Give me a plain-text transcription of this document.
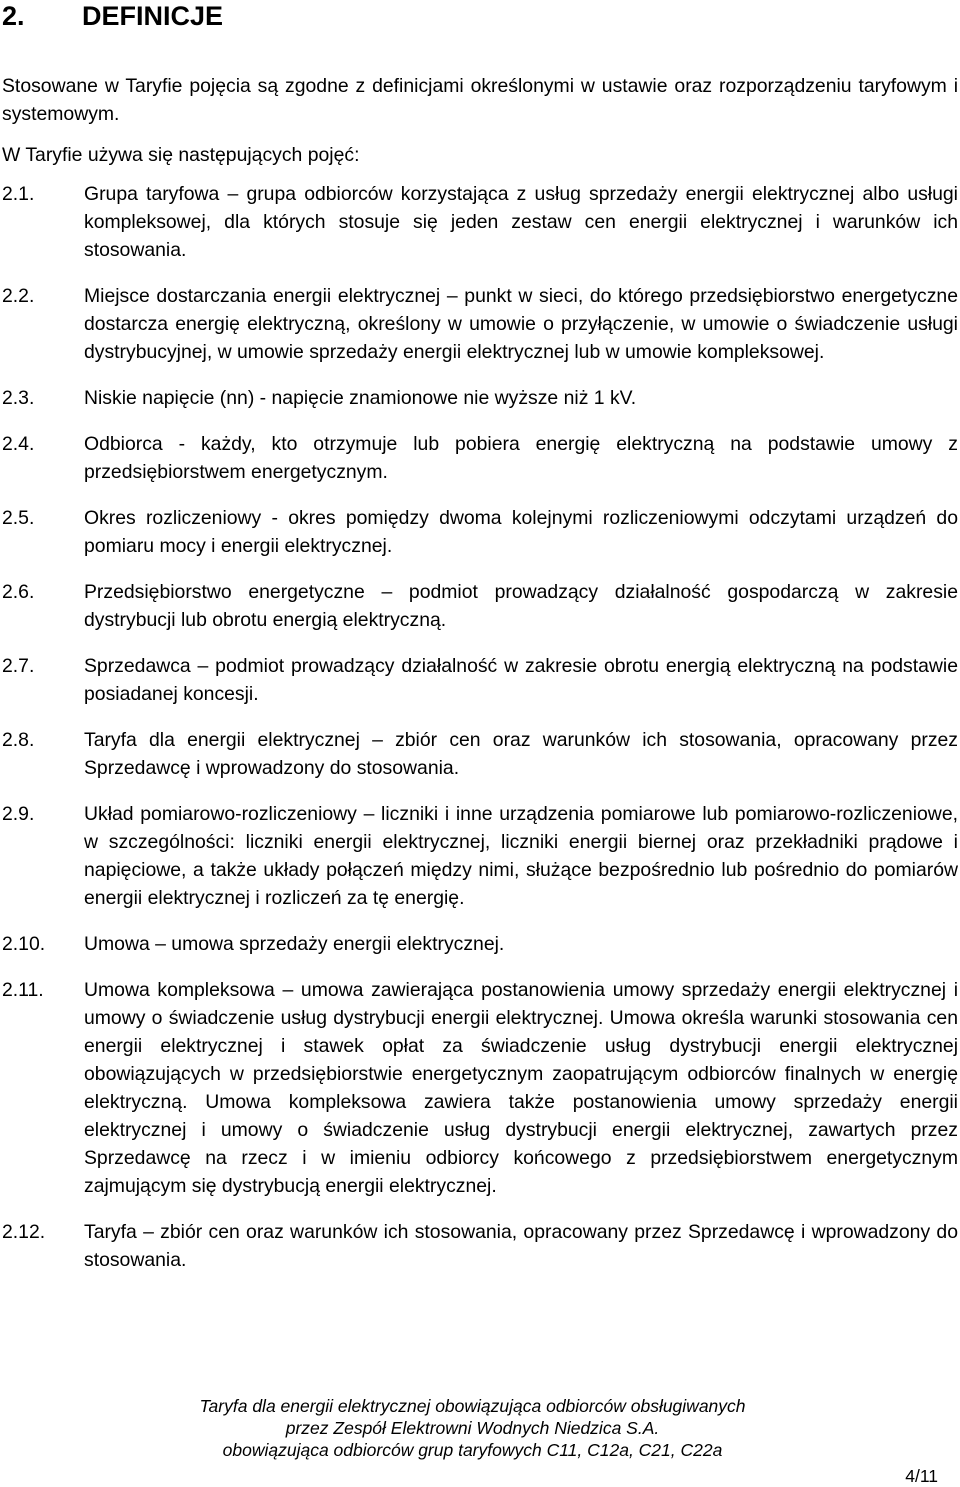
2. DEFINICJE

Stosowane w Taryfie pojęcia są zgodne z definicjami określonymi w ustawie oraz rozporządzeniu taryfowym i systemowym.

W Taryfie używa się następujących pojęć:

2.1.	Grupa taryfowa – grupa odbiorców korzystająca z usług sprzedaży energii elektrycznej albo usługi kompleksowej, dla których stosuje się jeden zestaw cen energii elektrycznej i warunków ich stosowania.
2.2.	Miejsce dostarczania energii elektrycznej – punkt w sieci, do którego przedsiębiorstwo energetyczne dostarcza energię elektryczną, określony w umowie o przyłączenie, w umowie o świadczenie usługi dystrybucyjnej, w umowie sprzedaży energii elektrycznej lub w umowie kompleksowej.
2.3.	Niskie napięcie (nn) - napięcie znamionowe nie wyższe niż 1 kV.
2.4.	Odbiorca - każdy, kto otrzymuje lub pobiera energię elektryczną na podstawie umowy z przedsiębiorstwem energetycznym.
2.5.	Okres rozliczeniowy - okres pomiędzy dwoma kolejnymi rozliczeniowymi odczytami urządzeń do pomiaru mocy i energii elektrycznej.
2.6.	Przedsiębiorstwo energetyczne – podmiot prowadzący działalność gospodarczą w zakresie dystrybucji lub obrotu energią elektryczną.
2.7.	Sprzedawca – podmiot prowadzący działalność w zakresie obrotu energią elektryczną na podstawie posiadanej koncesji.
2.8.	Taryfa dla energii elektrycznej – zbiór cen oraz warunków ich stosowania, opracowany przez Sprzedawcę i wprowadzony do stosowania.
2.9.	Układ pomiarowo-rozliczeniowy – liczniki i inne urządzenia pomiarowe lub pomiarowo-rozliczeniowe, w szczególności: liczniki energii elektrycznej, liczniki energii biernej oraz przekładniki prądowe i napięciowe, a także układy połączeń między nimi, służące bezpośrednio lub pośrednio do pomiarów energii elektrycznej i rozliczeń za tę energię.
2.10.	Umowa – umowa sprzedaży energii elektrycznej.
2.11.	Umowa kompleksowa – umowa zawierająca postanowienia umowy sprzedaży energii elektrycznej i umowy o świadczenie usług dystrybucji energii elektrycznej. Umowa określa warunki stosowania cen energii elektrycznej i stawek opłat za świadczenie usług dystrybucji energii elektrycznej obowiązujących w przedsiębiorstwie energetycznym zaopatrującym odbiorców finalnych w energię elektryczną. Umowa kompleksowa zawiera także postanowienia umowy sprzedaży energii elektrycznej i umowy o świadczenie usług dystrybucji energii elektrycznej, zawartych przez Sprzedawcę na rzecz i w imieniu odbiorcy końcowego z przedsiębiorstwem energetycznym zajmującym się dystrybucją energii elektrycznej.
2.12.	Taryfa – zbiór cen oraz warunków ich stosowania, opracowany przez Sprzedawcę i wprowadzony do stosowania.
Taryfa dla energii elektrycznej obowiązująca odbiorców obsługiwanych
przez Zespół Elektrowni Wodnych Niedzica S.A.
obowiązująca odbiorców grup taryfowych C11, C12a, C21, C22a
4/11
